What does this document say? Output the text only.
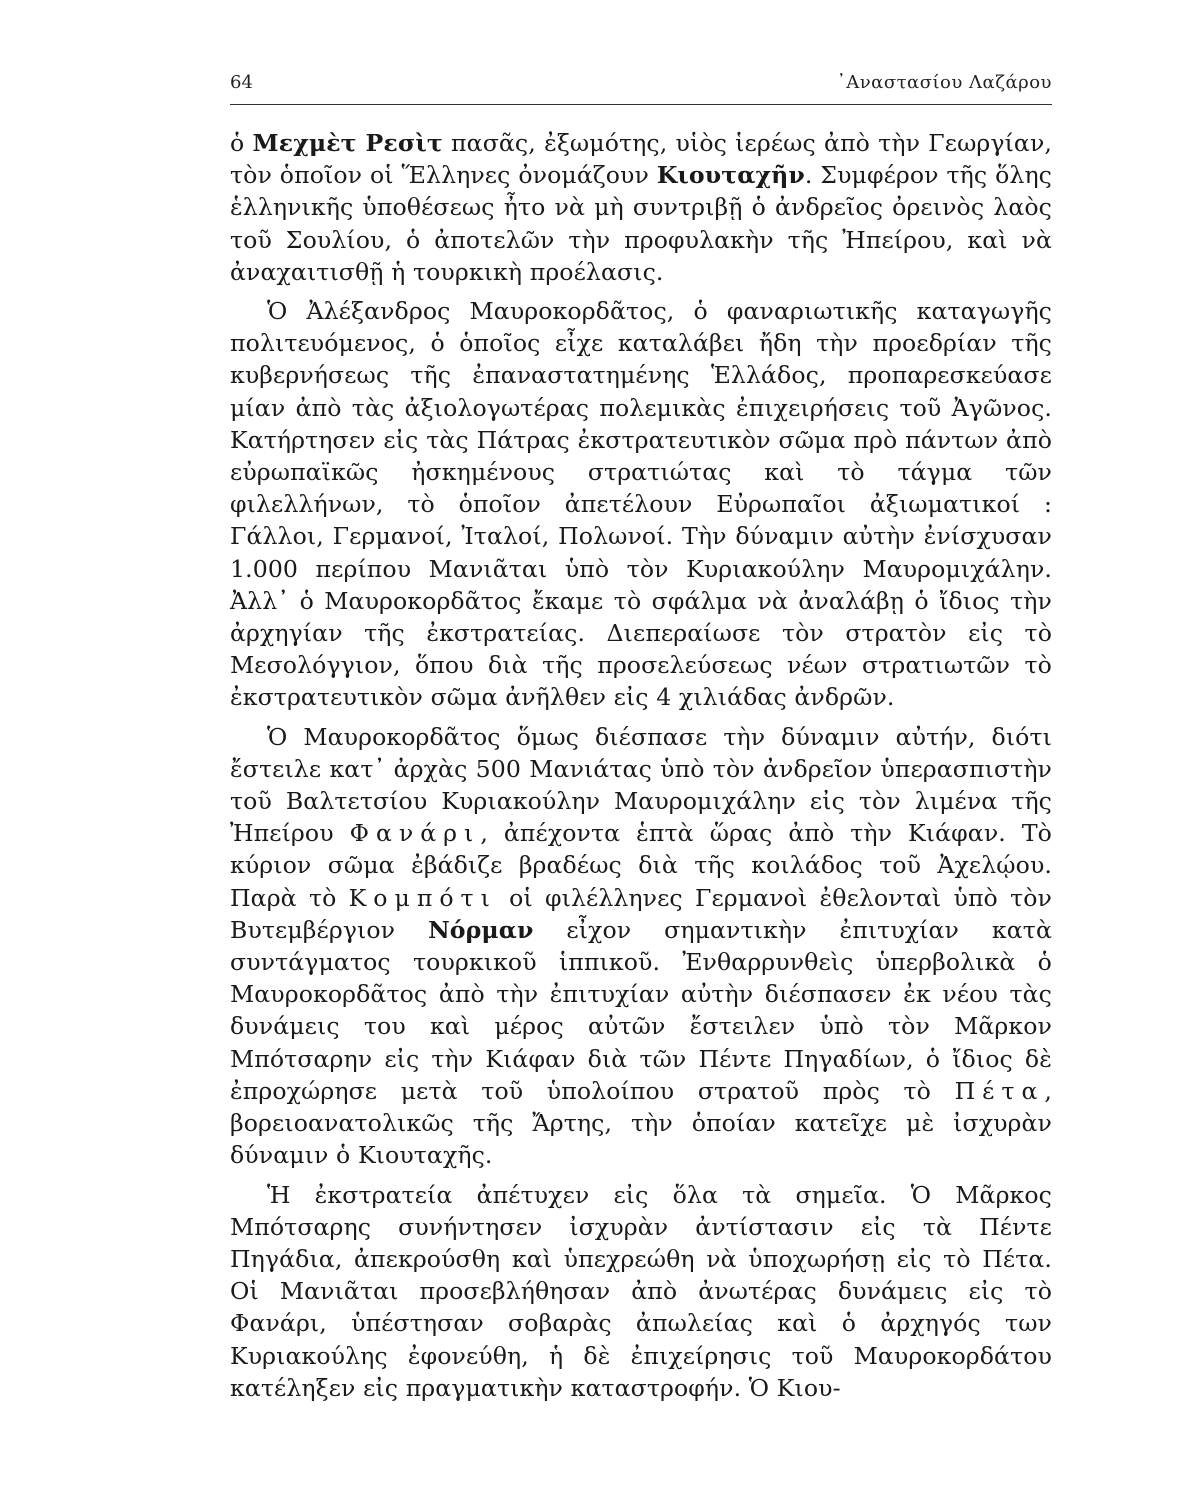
64	᾿Αναστασίου Λαζάρου

ὁ Μεχμὲτ Ρεσὶτ πασᾶς, ἐξωμότης, υἱὸς ἱερέως ἀπὸ τὴν Γεωργίαν, τὸν ὁποῖον οἱ Ἕλληνες ὀνομάζουν Κιουταχῆν. Συμφέρον τῆς ὅλης ἑλληνικῆς ὑποθέσεως ἦτο νὰ μὴ συντριβῇ ὁ ἀνδρεῖος ὀρεινὸς λαὸς τοῦ Σουλίου, ὁ ἀποτελῶν τὴν προφυλακὴν τῆς Ἠπείρου, καὶ νὰ ἀναχαιτισθῇ ἡ τουρκικὴ προέλασις.

Ὁ Ἀλέξανδρος Μαυροκορδᾶτος, ὁ φαναριωτικῆς καταγωγῆς πολιτευόμενος, ὁ ὁποῖος εἶχε καταλάβει ἤδη τὴν προεδρίαν τῆς κυβερνήσεως τῆς ἐπαναστατημένης Ἑλλάδος, προπαρεσκεύασε μίαν ἀπὸ τὰς ἀξιολογωτέρας πολεμικὰς ἐπιχειρήσεις τοῦ Ἀγῶνος. Κατήρτησεν εἰς τὰς Πάτρας ἐκστρατευτικὸν σῶμα πρὸ πάντων ἀπὸ εὐρωπαϊκῶς ἠσκημένους στρατιώτας καὶ τὸ τάγμα τῶν φιλελλήνων, τὸ ὁποῖον ἀπετέλουν Εὐρωπαῖοι ἀξιωματικοί : Γάλλοι, Γερμανοί, Ἰταλοί, Πολωνοί. Τὴν δύναμιν αὐτὴν ἐνίσχυσαν 1.000 περίπου Μανιᾶται ὑπὸ τὸν Κυριακούλην Μαυρομιχάλην. Ἀλλ᾿ ὁ Μαυροκορδᾶτος ἔκαμε τὸ σφάλμα νὰ ἀναλάβῃ ὁ ἴδιος τὴν ἀρχηγίαν τῆς ἐκστρατείας. Διεπεραίωσε τὸν στρατὸν εἰς τὸ Μεσολόγγιον, ὅπου διὰ τῆς προσελεύσεως νέων στρατιωτῶν τὸ ἐκστρατευτικὸν σῶμα ἀνῆλθεν εἰς 4 χιλιάδας ἀνδρῶν.

Ὁ Μαυροκορδᾶτος ὅμως διέσπασε τὴν δύναμιν αὐτήν, διότι ἔστειλε κατ᾿ ἀρχὰς 500 Μανιάτας ὑπὸ τὸν ἀνδρεῖον ὑπερασπιστὴν τοῦ Βαλτετσίου Κυριακούλην Μαυρομιχάλην εἰς τὸν λιμένα τῆς Ἠπείρου Φανάρι, ἀπέχοντα ἑπτὰ ὥρας ἀπὸ τὴν Κιάφαν. Τὸ κύριον σῶμα ἐβάδιζε βραδέως διὰ τῆς κοιλάδος τοῦ Ἀχελῴου. Παρὰ τὸ Κομπότι οἱ φιλέλληνες Γερμανοὶ ἐθελονταὶ ὑπὸ τὸν Βυτεμβέργιον Νόρμαν εἶχον σημαντικὴν ἐπιτυχίαν κατὰ συντάγματος τουρκικοῦ ἱππικοῦ. Ἐνθαρρυνθεὶς ὑπερβολικὰ ὁ Μαυροκορδᾶτος ἀπὸ τὴν ἐπιτυχίαν αὐτὴν διέσπασεν ἐκ νέου τὰς δυνάμεις του καὶ μέρος αὐτῶν ἔστειλεν ὑπὸ τὸν Μᾶρκον Μπότσαρην εἰς τὴν Κιάφαν διὰ τῶν Πέντε Πηγαδίων, ὁ ἴδιος δὲ ἐπροχώρησε μετὰ τοῦ ὑπολοίπου στρατοῦ πρὸς τὸ Πέτα, βορειοανατολικῶς τῆς Ἄρτης, τὴν ὁποίαν κατεῖχε μὲ ἰσχυρὰν δύναμιν ὁ Κιουταχῆς.

Ἡ ἐκστρατεία ἀπέτυχεν εἰς ὅλα τὰ σημεῖα. Ὁ Μᾶρκος Μπότσαρης συνήντησεν ἰσχυρὰν ἀντίστασιν εἰς τὰ Πέντε Πηγάδια, ἀπεκρούσθη καὶ ὑπεχρεώθη νὰ ὑποχωρήσῃ εἰς τὸ Πέτα. Οἱ Μανιᾶται προσεβλήθησαν ἀπὸ ἀνωτέρας δυνάμεις εἰς τὸ Φανάρι, ὑπέστησαν σοβαρὰς ἀπωλείας καὶ ὁ ἀρχηγός των Κυριακούλης ἐφονεύθη, ἡ δὲ ἐπιχείρησις τοῦ Μαυροκορδάτου κατέληξεν εἰς πραγματικὴν καταστροφήν. Ὁ Κιου-
